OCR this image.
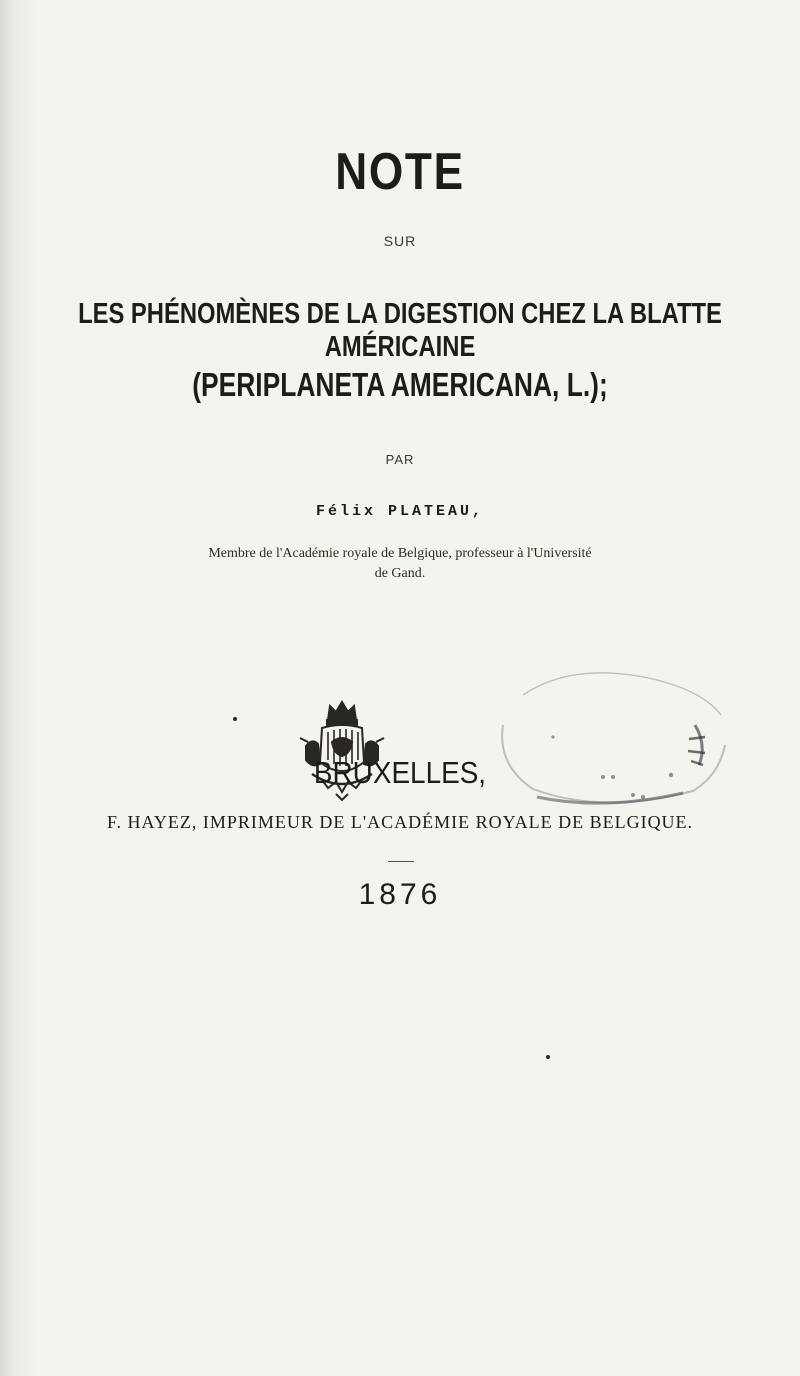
NOTE
SUR
LES PHÉNOMÈNES DE LA DIGESTION CHEZ LA BLATTE AMÉRICAINE
(PERIPLANETA AMERICANA, L.);
PAR
Félix PLATEAU,
Membre de l'Académie royale de Belgique, professeur à l'Université
de Gand.
BRUXELLES,
F. HAYEZ, IMPRIMEUR DE L'ACADÉMIE ROYALE DE BELGIQUE.
1876
